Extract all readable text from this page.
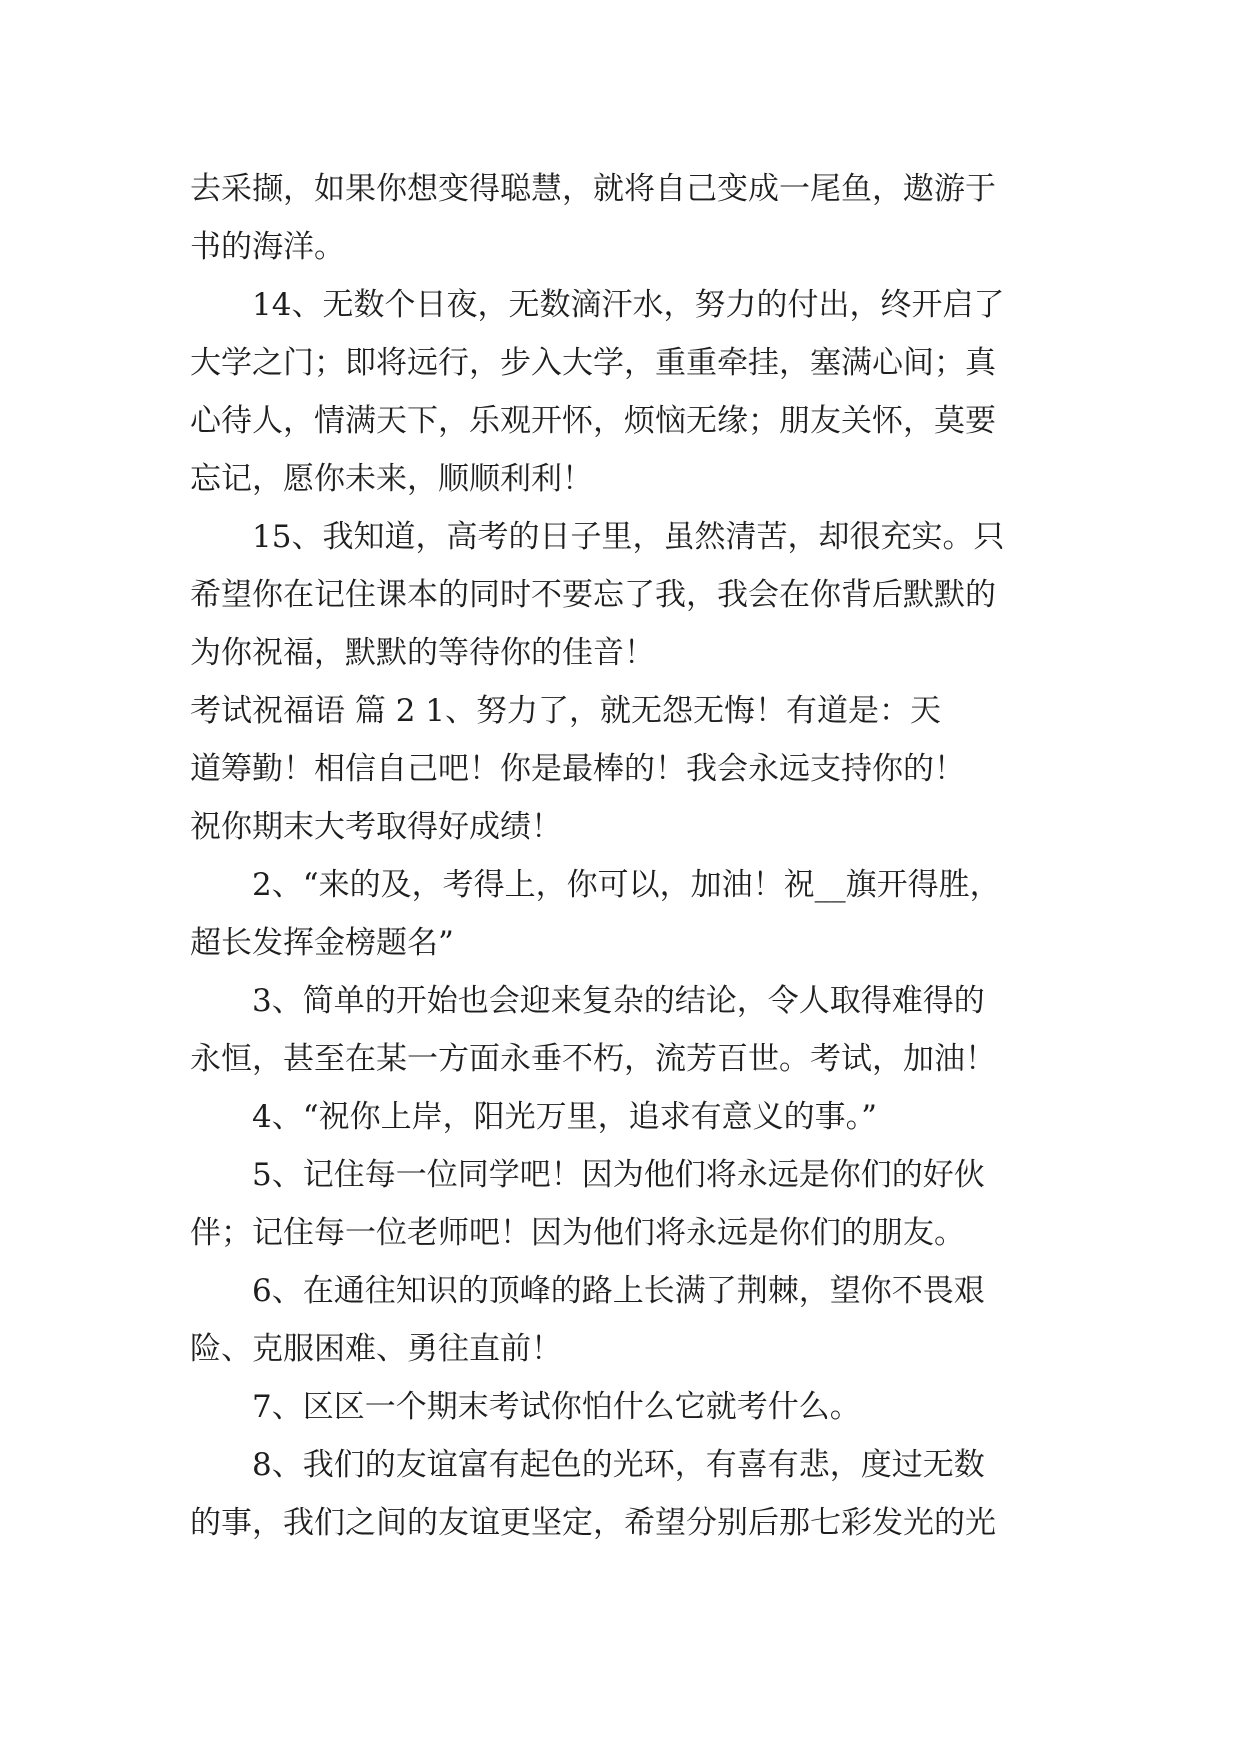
去采撷，如果你想变得聪慧，就将自己变成一尾鱼，遨游于
书的海洋。
14、无数个日夜，无数滴汗水，努力的付出，终开启了
大学之门；即将远行，步入大学，重重牵挂，塞满心间；真
心待人，情满天下，乐观开怀，烦恼无缘；朋友关怀，莫要
忘记，愿你未来，顺顺利利！
15、我知道，高考的日子里，虽然清苦，却很充实。只
希望你在记住课本的同时不要忘了我，我会在你背后默默的
为你祝福，默默的等待你的佳音！
考试祝福语 篇 2 1、努力了，就无怨无悔！有道是：天
道筹勤！相信自己吧！你是最棒的！我会永远支持你的！
祝你期末大考取得好成绩！
2、“来的及，考得上，你可以，加油！祝__旗开得胜，
超长发挥金榜题名”
3、简单的开始也会迎来复杂的结论，令人取得难得的
永恒，甚至在某一方面永垂不朽，流芳百世。考试，加油！
4、“祝你上岸，阳光万里，追求有意义的事。”
5、记住每一位同学吧！因为他们将永远是你们的好伙
伴；记住每一位老师吧！因为他们将永远是你们的朋友。
6、在通往知识的顶峰的路上长满了荆棘，望你不畏艰
险、克服困难、勇往直前！
7、区区一个期末考试你怕什么它就考什么。
8、我们的友谊富有起色的光环，有喜有悲，度过无数
的事，我们之间的友谊更坚定，希望分别后那七彩发光的光
